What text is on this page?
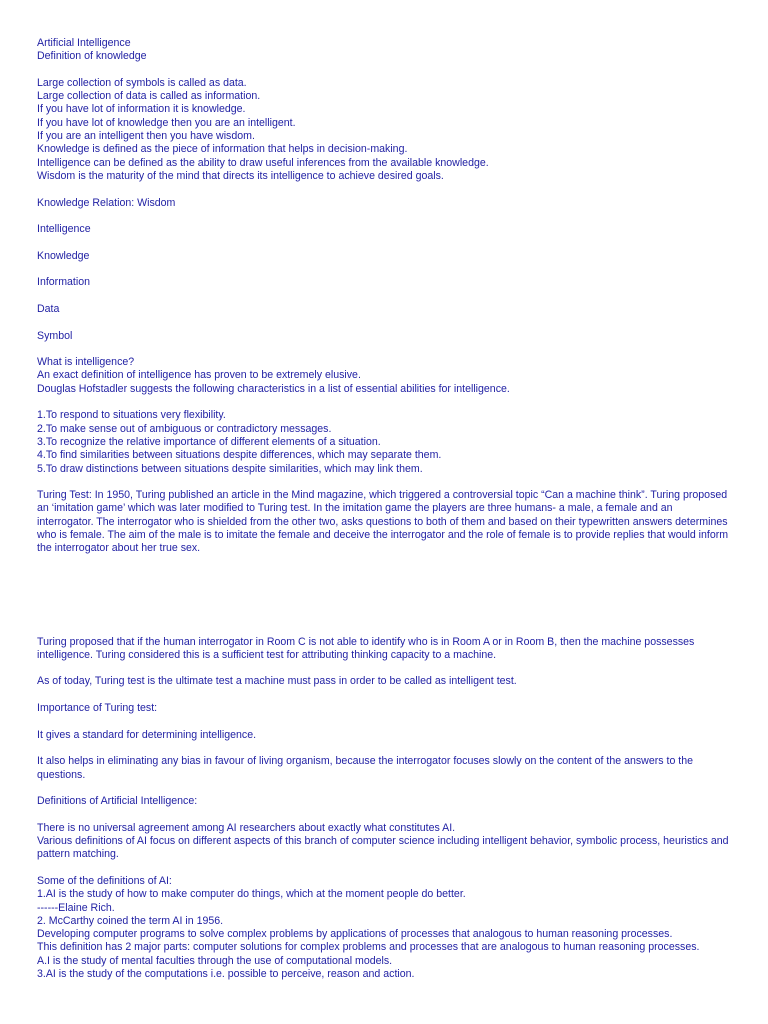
Artificial Intelligence
Definition of knowledge
Large collection of symbols is called as data.
Large collection of data is called as information.
If you have lot of information it is knowledge.
If you have lot of knowledge then you are an intelligent.
If you are an intelligent then you have wisdom.
Knowledge is defined as the piece of information that helps in decision-making.
Intelligence can be defined as the ability to draw useful inferences from the available knowledge.
Wisdom is the maturity of the mind that directs its intelligence to achieve desired goals.
Knowledge Relation: Wisdom
Intelligence
Knowledge
Information
Data
Symbol
What is intelligence?
An exact definition of intelligence has proven to be extremely elusive.
Douglas Hofstadler suggests the following characteristics in a list of essential abilities for intelligence.
1.To respond to situations very flexibility.
2.To make sense out of ambiguous or contradictory messages.
3.To recognize the relative importance of different elements of a situation.
4.To find similarities between situations despite differences, which may separate them.
5.To draw distinctions between situations despite similarities, which may link them.
Turing Test: In 1950, Turing published an article in the Mind magazine, which triggered a controversial topic “Can a machine think”. Turing proposed an ‘imitation game’ which was later modified to Turing test. In the imitation game the players are three humans- a male, a female and an interrogator. The interrogator who is shielded from the other two, asks questions to both of them and based on their typewritten answers determines who is female. The aim of the male is to imitate the female and deceive the interrogator and the role of female is to provide replies that would inform the interrogator about her true sex.
Turing proposed that if the human interrogator in Room C is not able to identify who is in Room A or in Room B, then the machine possesses intelligence. Turing considered this is a sufficient test for attributing thinking capacity to a machine.
As of today, Turing test is the ultimate test a machine must pass in order to be called as intelligent test.
Importance of Turing test:
It gives a standard for determining intelligence.
It also helps in eliminating any bias in favour of living organism, because the interrogator focuses slowly on the content of the answers to the questions.
Definitions of Artificial Intelligence:
There is no universal agreement among AI researchers about exactly what constitutes AI.
Various definitions of AI focus on different aspects of this branch of computer science including intelligent behavior, symbolic process, heuristics and pattern matching.
Some of the definitions of AI:
1.AI is the study of how to make computer do things, which at the moment people do better.
------Elaine Rich.
2. McCarthy coined the term AI in 1956.
Developing computer programs to solve complex problems by applications of processes that analogous to human reasoning processes.
This definition has 2 major parts: computer solutions for complex problems and processes that are analogous to human reasoning processes.
A.I is the study of mental faculties through the use of computational models.
3.AI is the study of the computations i.e. possible to perceive, reason and action.
